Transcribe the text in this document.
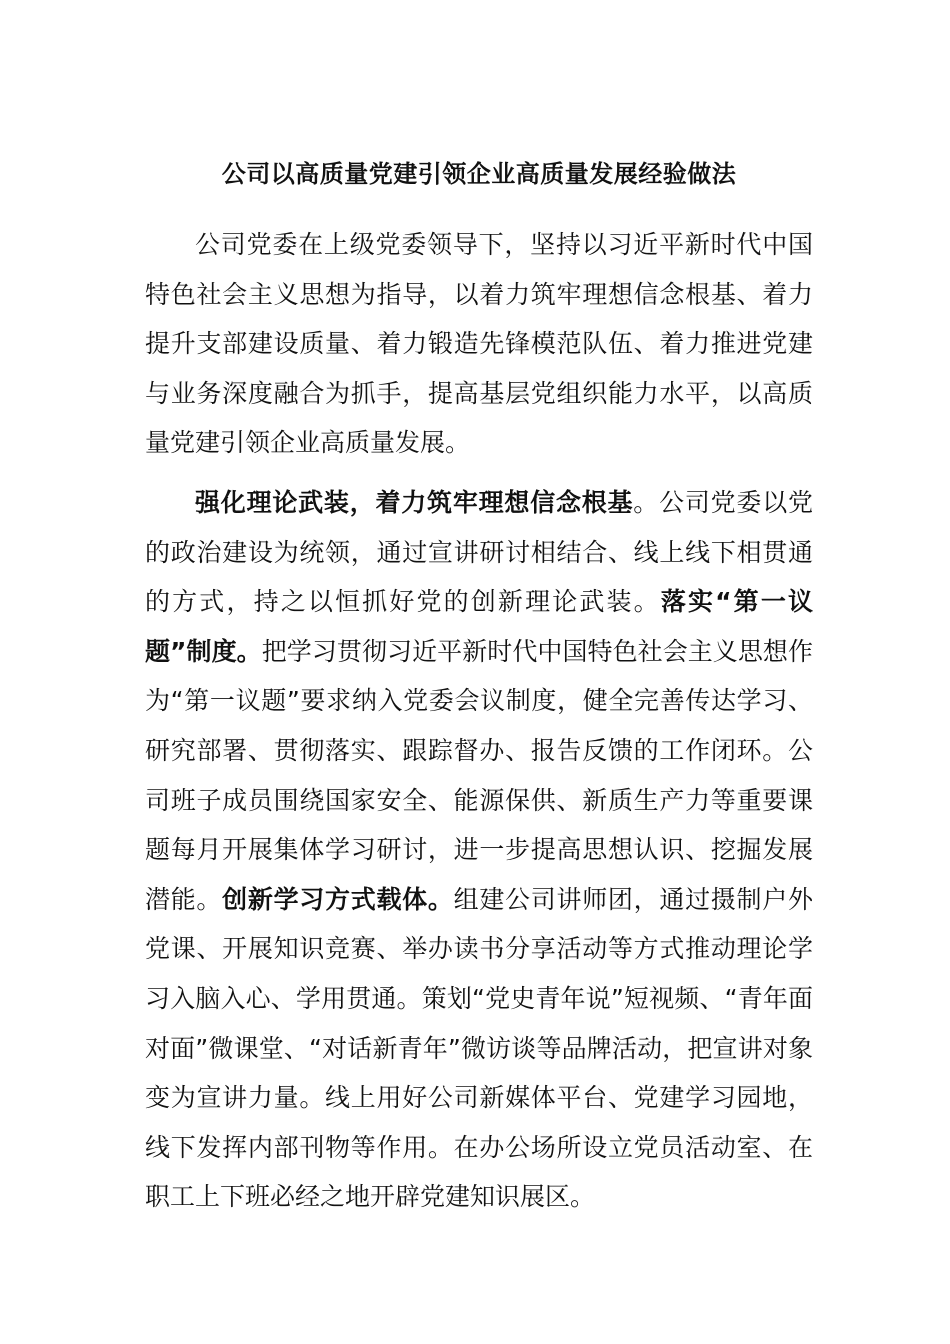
公司以高质量党建引领企业高质量发展经验做法

公司党委在上级党委领导下，坚持以习近平新时代中国特色社会主义思想为指导，以着力筑牢理想信念根基、着力提升支部建设质量、着力锻造先锋模范队伍、着力推进党建与业务深度融合为抓手，提高基层党组织能力水平，以高质量党建引领企业高质量发展。

强化理论武装，着力筑牢理想信念根基。公司党委以党的政治建设为统领，通过宣讲研讨相结合、线上线下相贯通的方式，持之以恒抓好党的创新理论武装。落实“第一议题”制度。把学习贯彻习近平新时代中国特色社会主义思想作为“第一议题”要求纳入党委会议制度，健全完善传达学习、研究部署、贯彻落实、跟踪督办、报告反馈的工作闭环。公司班子成员围绕国家安全、能源保供、新质生产力等重要课题每月开展集体学习研讨，进一步提高思想认识、挖掘发展潜能。创新学习方式载体。组建公司讲师团，通过摄制户外党课、开展知识竞赛、举办读书分享活动等方式推动理论学习入脑入心、学用贯通。策划“党史青年说”短视频、“青年面对面”微课堂、“对话新青年”微访谈等品牌活动，把宣讲对象变为宣讲力量。线上用好公司新媒体平台、党建学习园地，线下发挥内部刊物等作用。在办公场所设立党员活动室、在职工上下班必经之地开辟党建知识展区。
